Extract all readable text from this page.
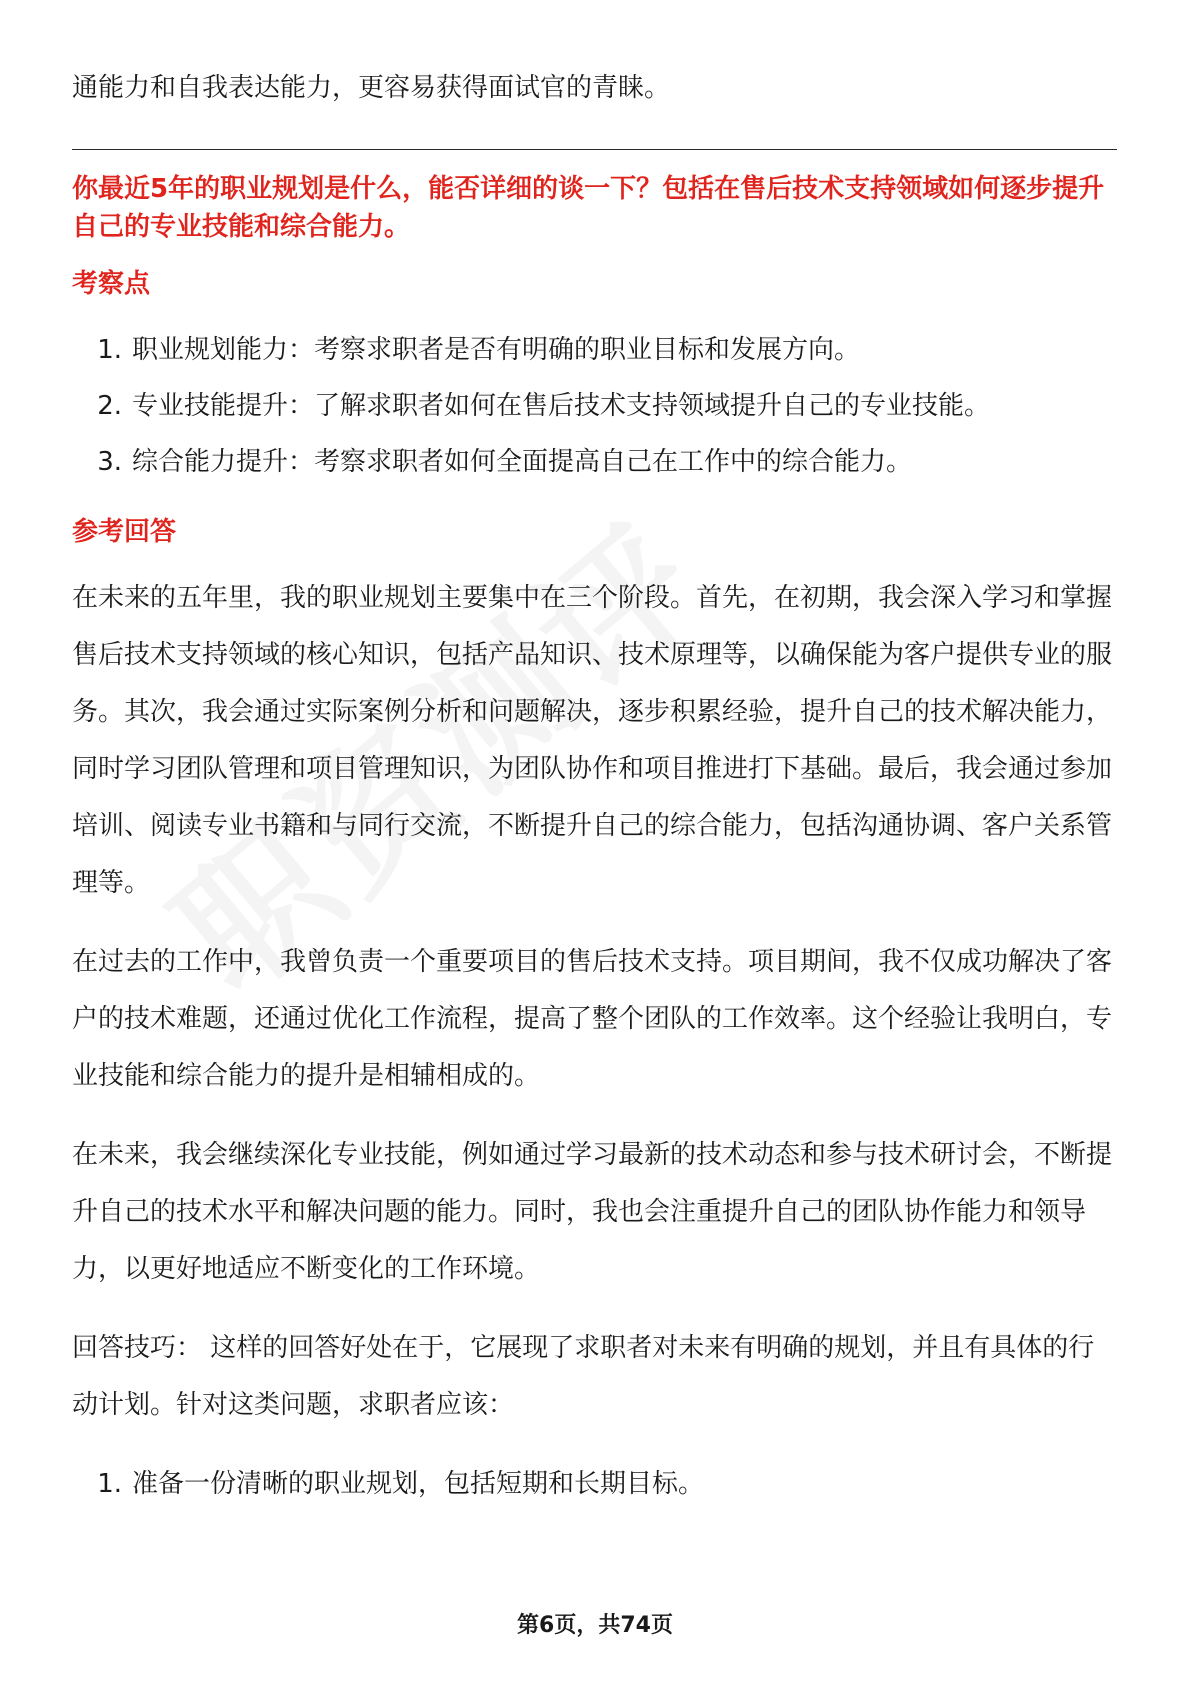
通能力和自我表达能力，更容易获得面试官的青睐。

你最近5年的职业规划是什么，能否详细的谈一下？包括在售后技术支持领域如何逐步提升自己的专业技能和综合能力。

考察点
1. 职业规划能力：考察求职者是否有明确的职业目标和发展方向。
2. 专业技能提升：了解求职者如何在售后技术支持领域提升自己的专业技能。
3. 综合能力提升：考察求职者如何全面提高自己在工作中的综合能力。
参考回答

在未来的五年里，我的职业规划主要集中在三个阶段。首先，在初期，我会深入学习和掌握售后技术支持领域的核心知识，包括产品知识、技术原理等，以确保能为客户提供专业的服务。其次，我会通过实际案例分析和问题解决，逐步积累经验，提升自己的技术解决能力，同时学习团队管理和项目管理知识，为团队协作和项目推进打下基础。最后，我会通过参加培训、阅读专业书籍和与同行交流，不断提升自己的综合能力，包括沟通协调、客户关系管理等。

在过去的工作中，我曾负责一个重要项目的售后技术支持。项目期间，我不仅成功解决了客户的技术难题，还通过优化工作流程，提高了整个团队的工作效率。这个经验让我明白，专业技能和综合能力的提升是相辅相成的。

在未来，我会继续深化专业技能，例如通过学习最新的技术动态和参与技术研讨会，不断提升自己的技术水平和解决问题的能力。同时，我也会注重提升自己的团队协作能力和领导力，以更好地适应不断变化的工作环境。

回答技巧： 这样的回答好处在于，它展现了求职者对未来有明确的规划，并且有具体的行动计划。针对这类问题，求职者应该：

1. 准备一份清晰的职业规划，包括短期和长期目标。
第6页，共74页
